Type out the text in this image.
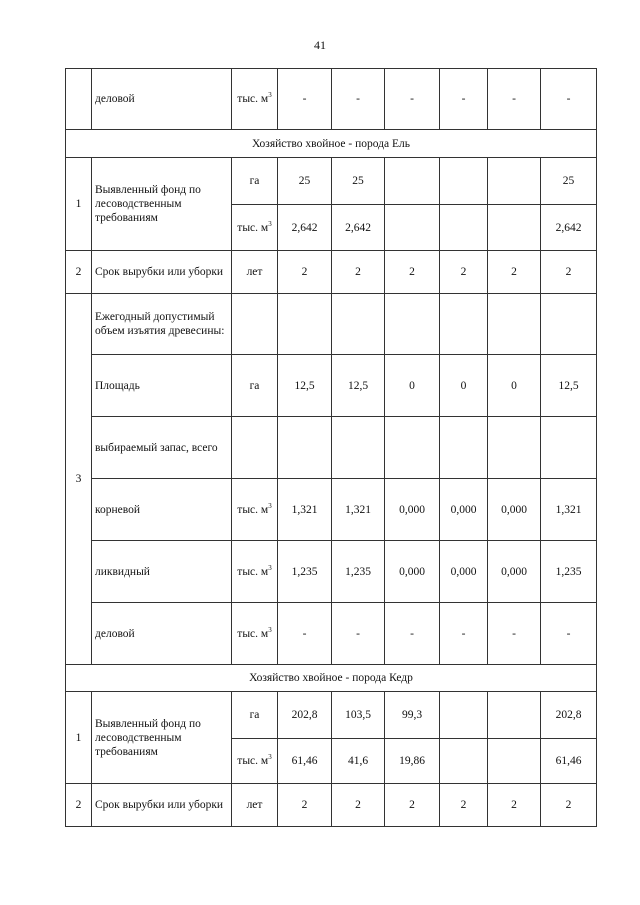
41
	деловой	тыс. $м^3$	-	-	-	-	-	-
Хозяйство хвойное - порода Ель								
1	Выявленный фонд по лесоводственным требованиям	га	25	25				25
		тыс. $м^3$	2,642	2,642				2,642
2	Срок вырубки или уборки	лет	2	2	2	2	2	2
3	Ежегодный допустимый объем изъятия древесины:							
	Площадь	га	12,5	12,5	0	0	0	12,5
	выбираемый запас, всего							
	корневой	тыс. $м^3$	1,321	1,321	0,000	0,000	0,000	1,321
	ликвидный	тыс. $м^3$	1,235	1,235	0,000	0,000	0,000	1,235
	деловой	тыс. $м^3$	-	-	-	-	-	-
Хозяйство хвойное - порода Кедр								
1	Выявленный фонд по лесоводственным требованиям	га	202,8	103,5	99,3			202,8
		тыс. $м^3$	61,46	41,6	19,86			61,46
2	Срок вырубки или уборки	лет	2	2	2	2	2	2
